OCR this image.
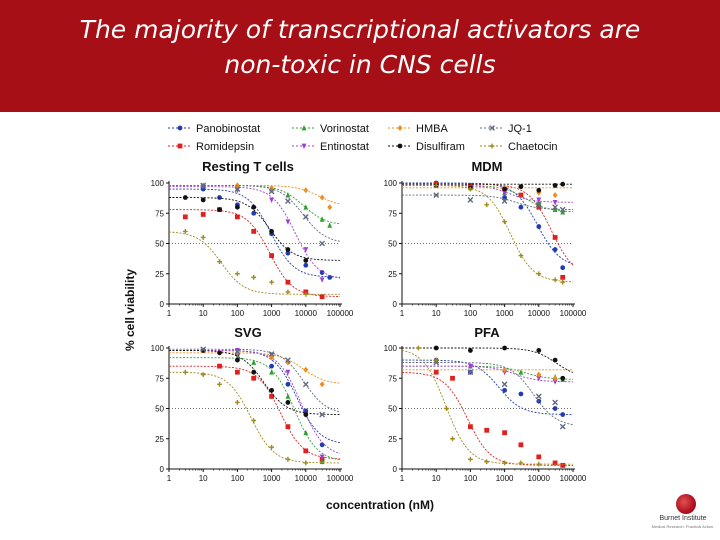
The majority of transcriptional activators are
non-toxic in CNS cells
Panobinostat
Romidepsin
Vorinostat
Entinostat
HMBA
Disulfiram
JQ-1
Chaetocin
% cell viability
concentration (nM)
Resting T cells
0
25
50
75
100
1	10	100 1000 10000 100000
MDM
0
25
50
75
100
1	10	100 1000 10000 100000
SVG
0
25
50
75
100
1	10	100 1000 10000 100000
PFA
0
25
50
75
100
1	10	100 1000 10000 100000
Burnet Institute
Medical Research. Practical Action.
